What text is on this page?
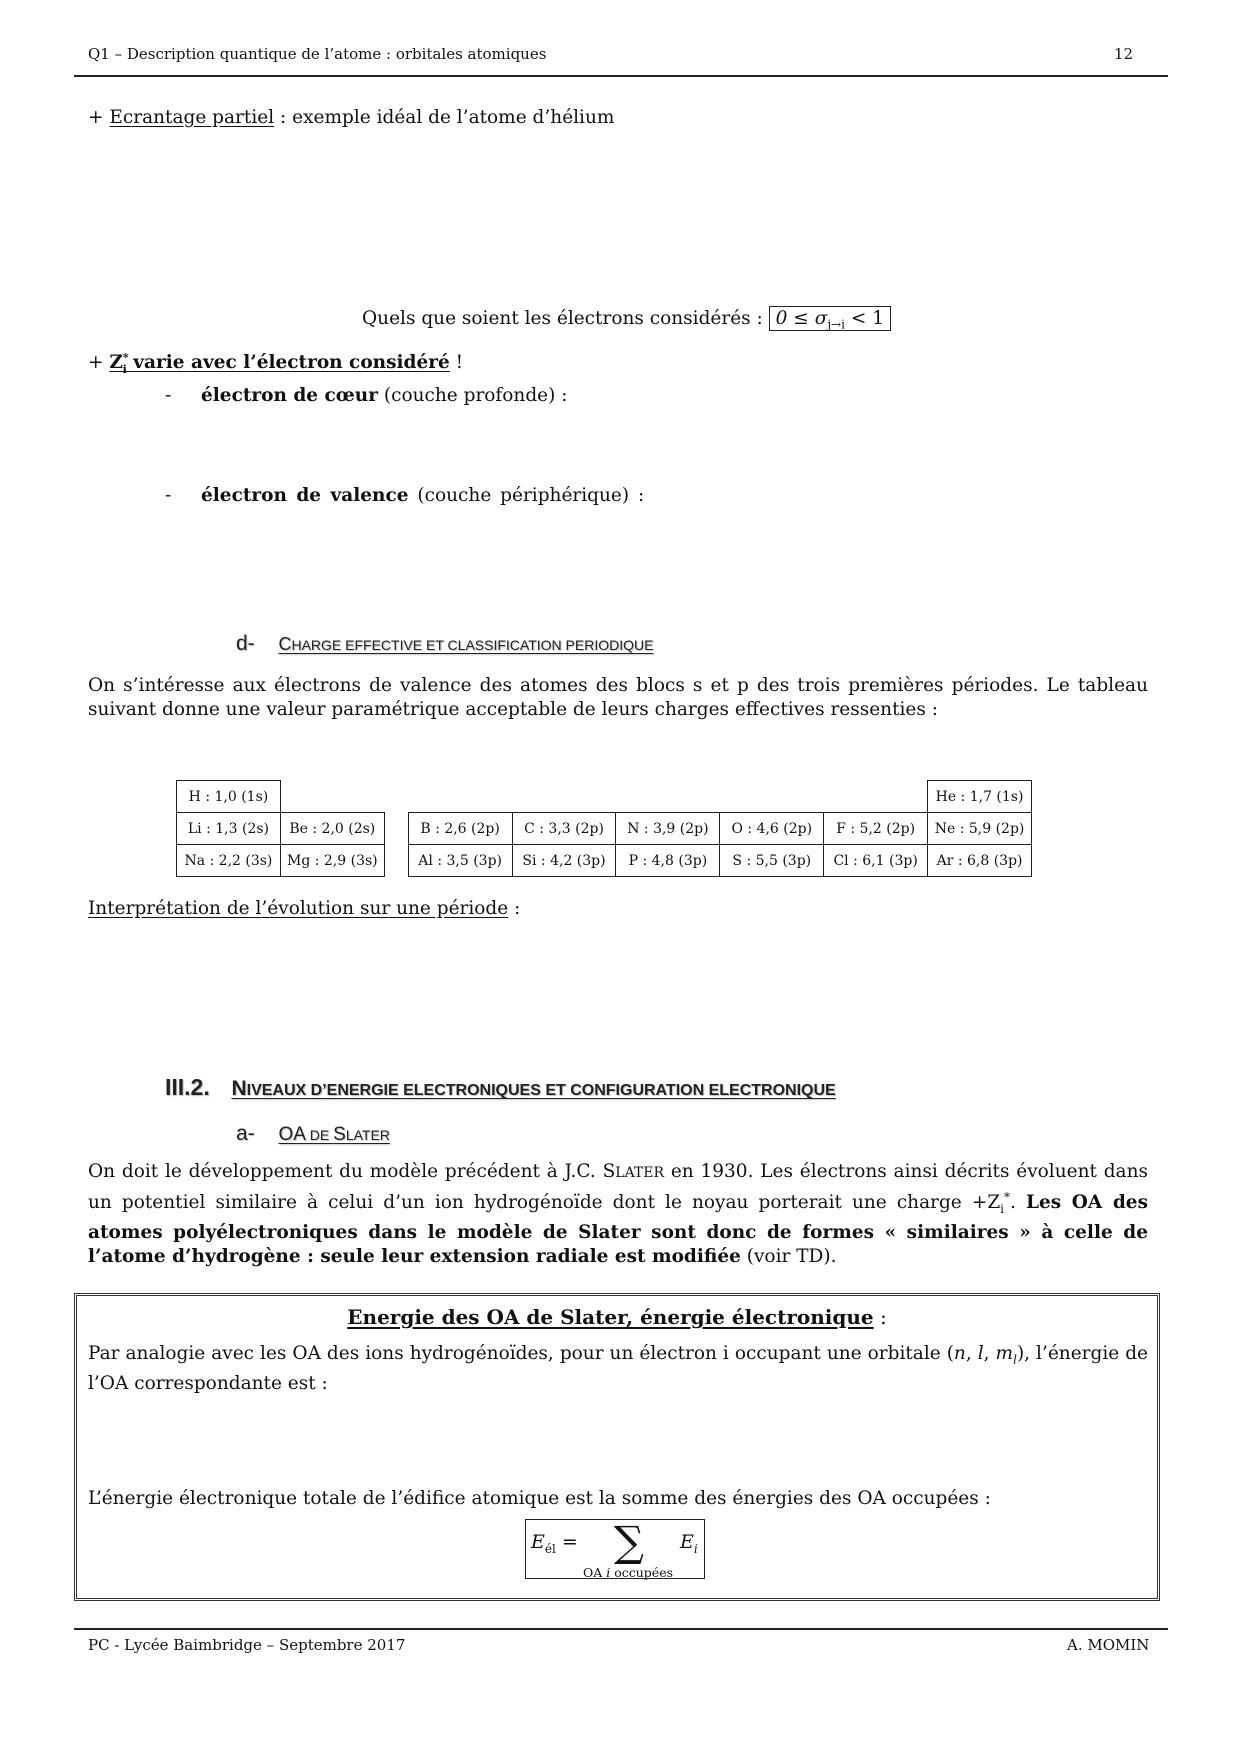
Q1 – Description quantique de l’atome : orbitales atomiques	12
+ Ecrantage partiel : exemple idéal de l’atome d’hélium
Quels que soient les électrons considérés : $0 \le \sigma_{j\to i} < 1$
+ $Z^*_i$ varie avec l’électron considéré !
- électron de cœur (couche profonde) :
- électron de valence (couche périphérique) :
d- CHARGE EFFECTIVE ET CLASSIFICATION PERIODIQUE
On s’intéresse aux électrons de valence des atomes des blocs s et p des trois premières périodes. Le tableau suivant donne une valeur paramétrique acceptable de leurs charges effectives ressenties :
H : 1,0 (1s)								He : 1,7 (1s)
Li : 1,3 (2s)	Be : 2,0 (2s)		B : 2,6 (2p)	C : 3,3 (2p)	N : 3,9 (2p)	O : 4,6 (2p)	F : 5,2 (2p)	Ne : 5,9 (2p)
Na : 2,2 (3s)	Mg : 2,9 (3s)		Al : 3,5 (3p)	Si : 4,2 (3p)	P : 4,8 (3p)	S : 5,5 (3p)	Cl : 6,1 (3p)	Ar : 6,8 (3p)
Interprétation de l’évolution sur une période :
III.2. NIVEAUX D’ENERGIE ELECTRONIQUES ET CONFIGURATION ELECTRONIQUE
a- OA DE SLATER
On doit le développement du modèle précédent à J.C. SLATER en 1930. Les électrons ainsi décrits évoluent dans un potentiel similaire à celui d’un ion hydrogénoïde dont le noyau porterait une charge $+Z_i^*$. Les OA des atomes polyélectroniques dans le modèle de Slater sont donc de formes « similaires » à celle de l’atome d’hydrogène : seule leur extension radiale est modifiée (voir TD).
Energie des OA de Slater, énergie électronique :
Par analogie avec les OA des ions hydrogénoïdes, pour un électron i occupant une orbitale (n, l, $m_l$), l’énergie de l’OA correspondante est :
L’énergie électronique totale de l’édifice atomique est la somme des énergies des OA occupées :
$E_{él}$ = ∑
OA i occupées
$E_i$
PC - Lycée Baimbridge – Septembre 2017	A. MOMIN
